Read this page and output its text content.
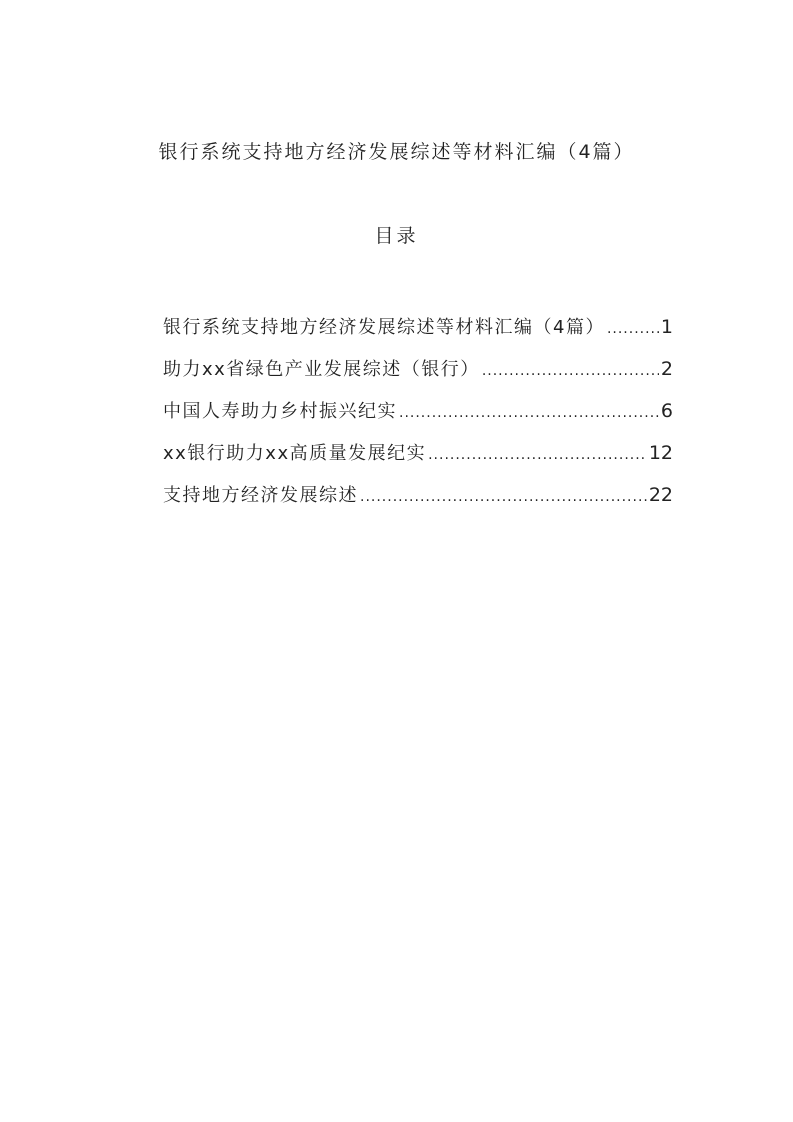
银行系统支持地方经济发展综述等材料汇编（4篇）
目录
银行系统支持地方经济发展综述等材料汇编（4篇） .....	1
助力xx省绿色产业发展综述（银行） .....	2
中国人寿助力乡村振兴纪实 .....	6
xx银行助力xx高质量发展纪实 .....	12
支持地方经济发展综述 .....	22
